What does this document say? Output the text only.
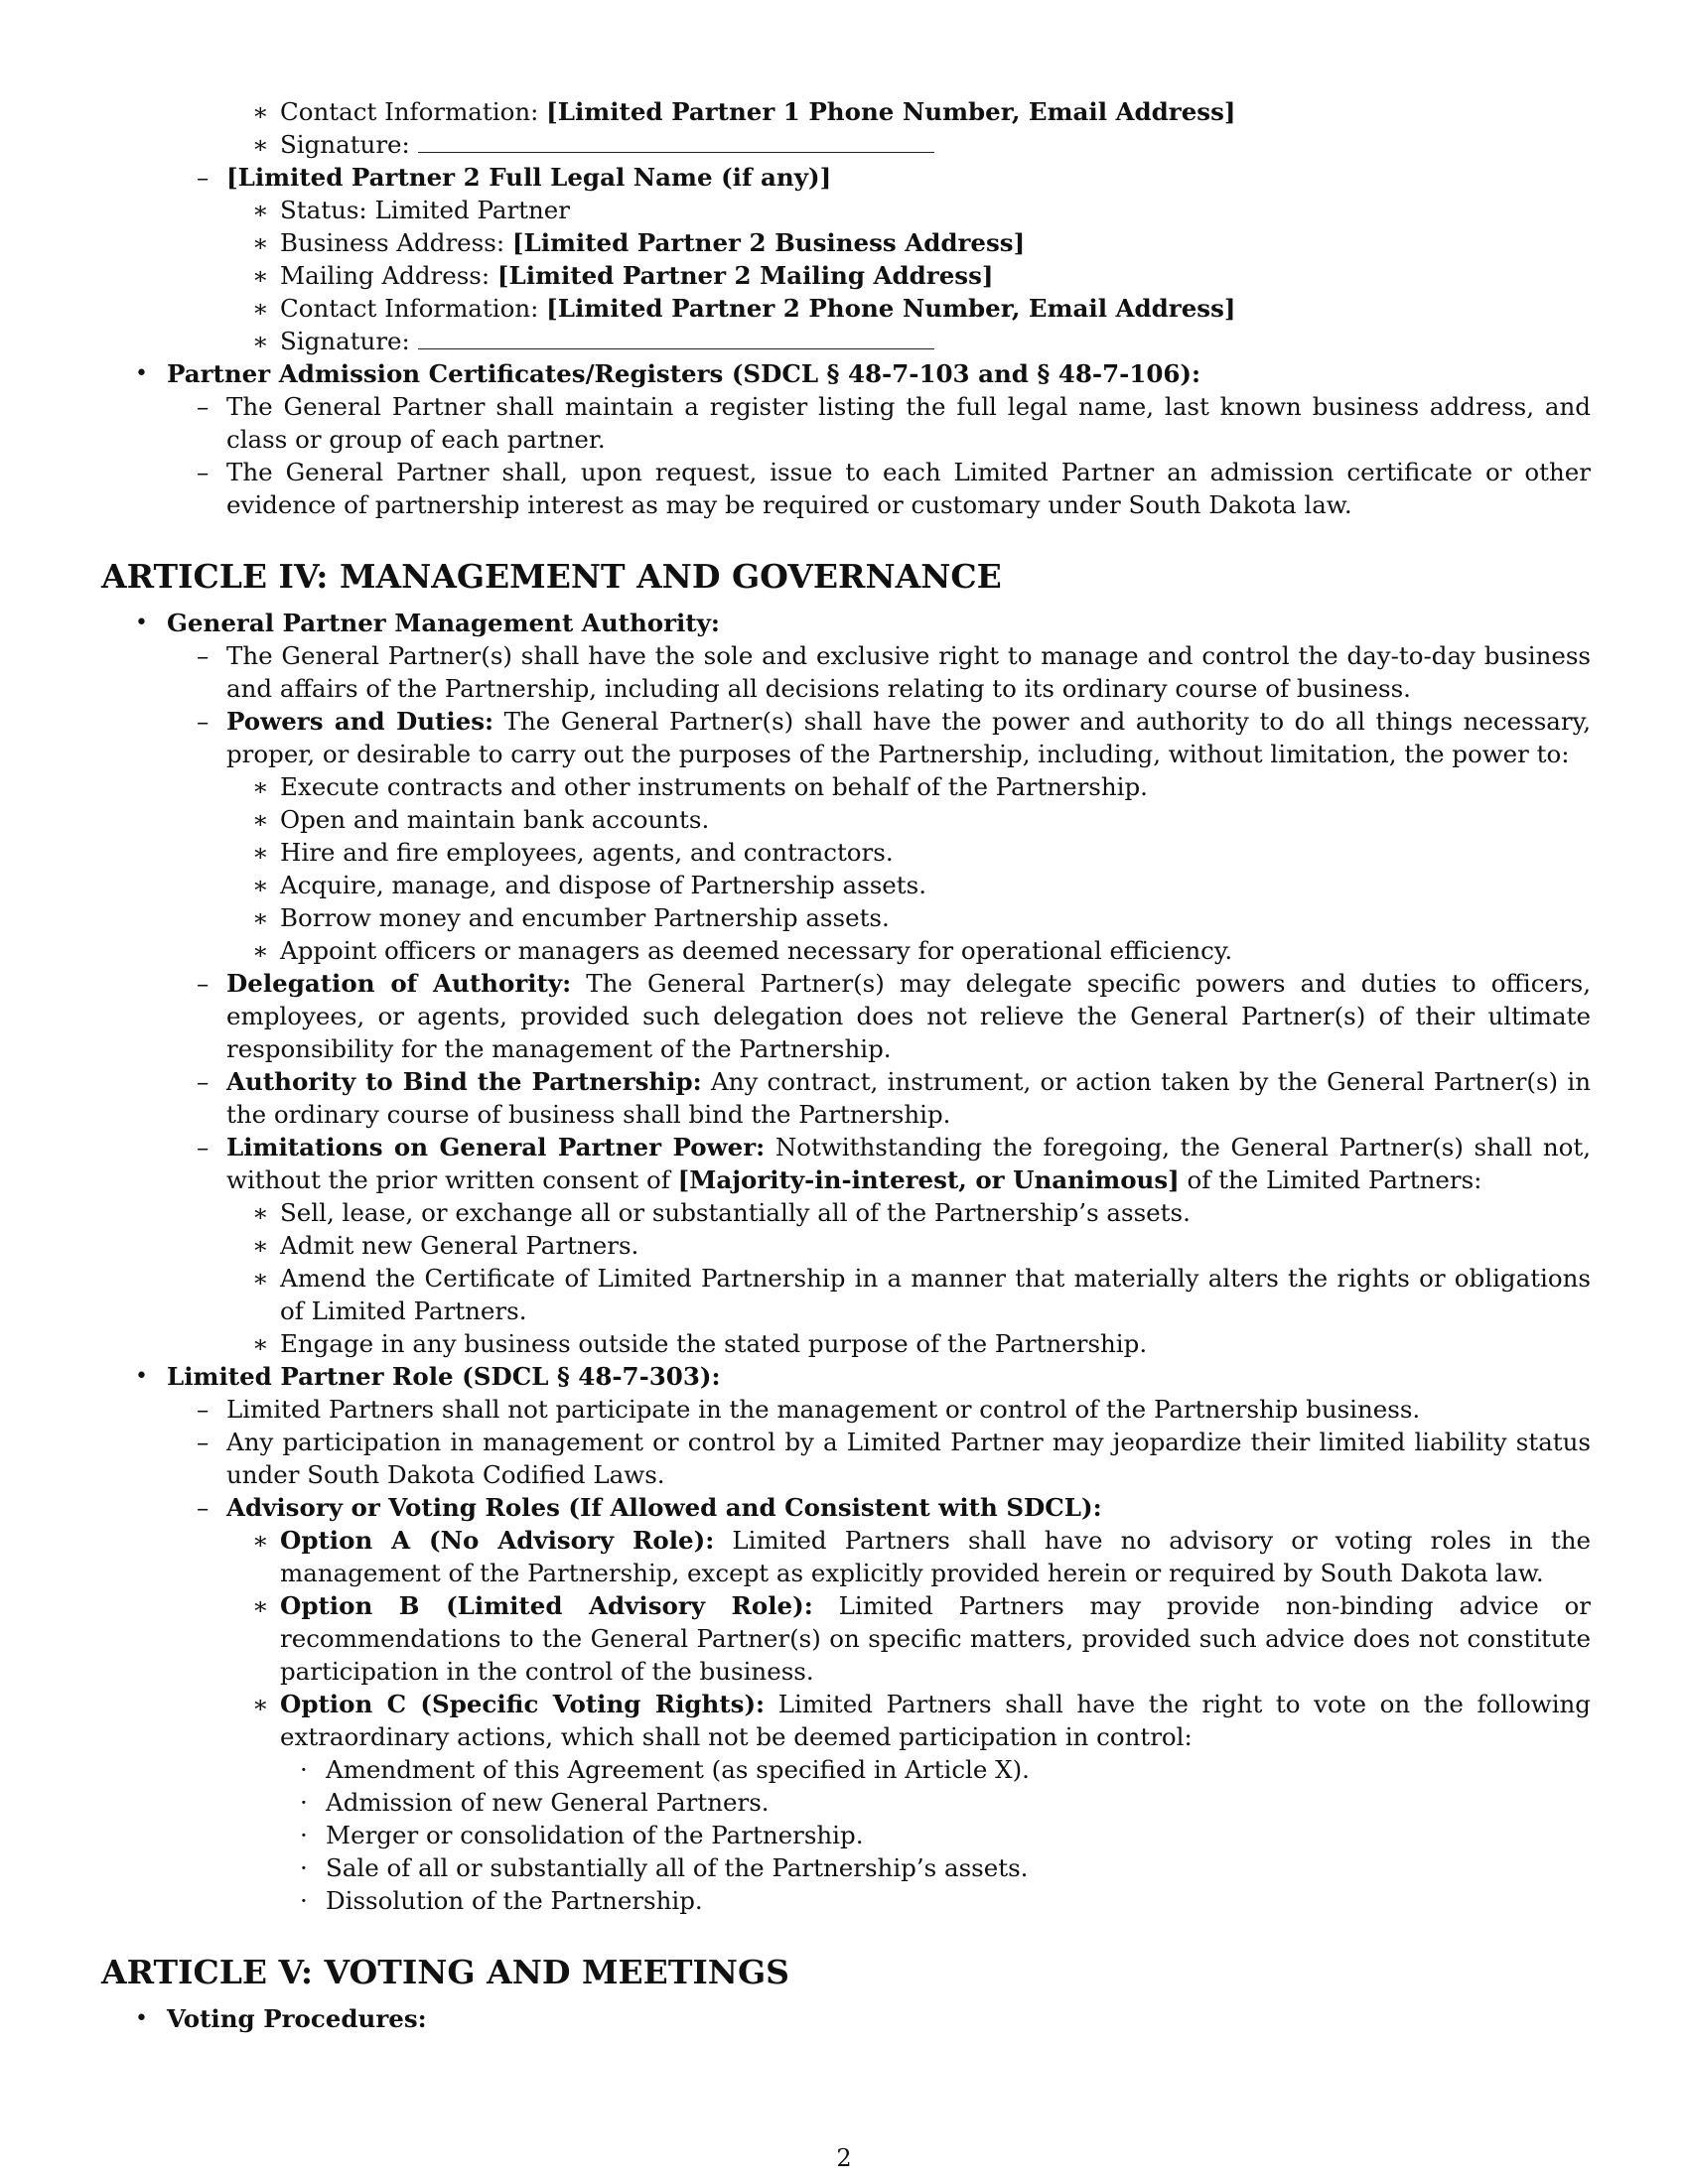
∗ Contact Information: [Limited Partner 1 Phone Number, Email Address]
∗ Signature:
– [Limited Partner 2 Full Legal Name (if any)]
∗ Status: Limited Partner
∗ Business Address: [Limited Partner 2 Business Address]
∗ Mailing Address: [Limited Partner 2 Mailing Address]
∗ Contact Information: [Limited Partner 2 Phone Number, Email Address]
∗ Signature:
• Partner Admission Certificates/Registers (SDCL § 48-7-103 and § 48-7-106):
– The General Partner shall maintain a register listing the full legal name, last known business address, and class or group of each partner.
– The General Partner shall, upon request, issue to each Limited Partner an admission certificate or other evidence of partnership interest as may be required or customary under South Dakota law.
ARTICLE IV: MANAGEMENT AND GOVERNANCE
• General Partner Management Authority:
– The General Partner(s) shall have the sole and exclusive right to manage and control the day-to-day business and affairs of the Partnership, including all decisions relating to its ordinary course of business.
– Powers and Duties: The General Partner(s) shall have the power and authority to do all things necessary, proper, or desirable to carry out the purposes of the Partnership, including, without limitation, the power to:
∗ Execute contracts and other instruments on behalf of the Partnership.
∗ Open and maintain bank accounts.
∗ Hire and fire employees, agents, and contractors.
∗ Acquire, manage, and dispose of Partnership assets.
∗ Borrow money and encumber Partnership assets.
∗ Appoint officers or managers as deemed necessary for operational efficiency.
– Delegation of Authority: The General Partner(s) may delegate specific powers and duties to officers, employees, or agents, provided such delegation does not relieve the General Partner(s) of their ultimate responsibility for the management of the Partnership.
– Authority to Bind the Partnership: Any contract, instrument, or action taken by the General Partner(s) in the ordinary course of business shall bind the Partnership.
– Limitations on General Partner Power: Notwithstanding the foregoing, the General Partner(s) shall not, without the prior written consent of [Majority-in-interest, or Unanimous] of the Limited Partners:
∗ Sell, lease, or exchange all or substantially all of the Partnership’s assets.
∗ Admit new General Partners.
∗ Amend the Certificate of Limited Partnership in a manner that materially alters the rights or obligations of Limited Partners.
∗ Engage in any business outside the stated purpose of the Partnership.
• Limited Partner Role (SDCL § 48-7-303):
– Limited Partners shall not participate in the management or control of the Partnership business.
– Any participation in management or control by a Limited Partner may jeopardize their limited liability status under South Dakota Codified Laws.
– Advisory or Voting Roles (If Allowed and Consistent with SDCL):
∗ Option A (No Advisory Role): Limited Partners shall have no advisory or voting roles in the management of the Partnership, except as explicitly provided herein or required by South Dakota law.
∗ Option B (Limited Advisory Role): Limited Partners may provide non-binding advice or recommendations to the General Partner(s) on specific matters, provided such advice does not constitute participation in the control of the business.
∗ Option C (Specific Voting Rights): Limited Partners shall have the right to vote on the following extraordinary actions, which shall not be deemed participation in control:
· Amendment of this Agreement (as specified in Article X).
· Admission of new General Partners.
· Merger or consolidation of the Partnership.
· Sale of all or substantially all of the Partnership’s assets.
· Dissolution of the Partnership.
ARTICLE V: VOTING AND MEETINGS
• Voting Procedures:
2
